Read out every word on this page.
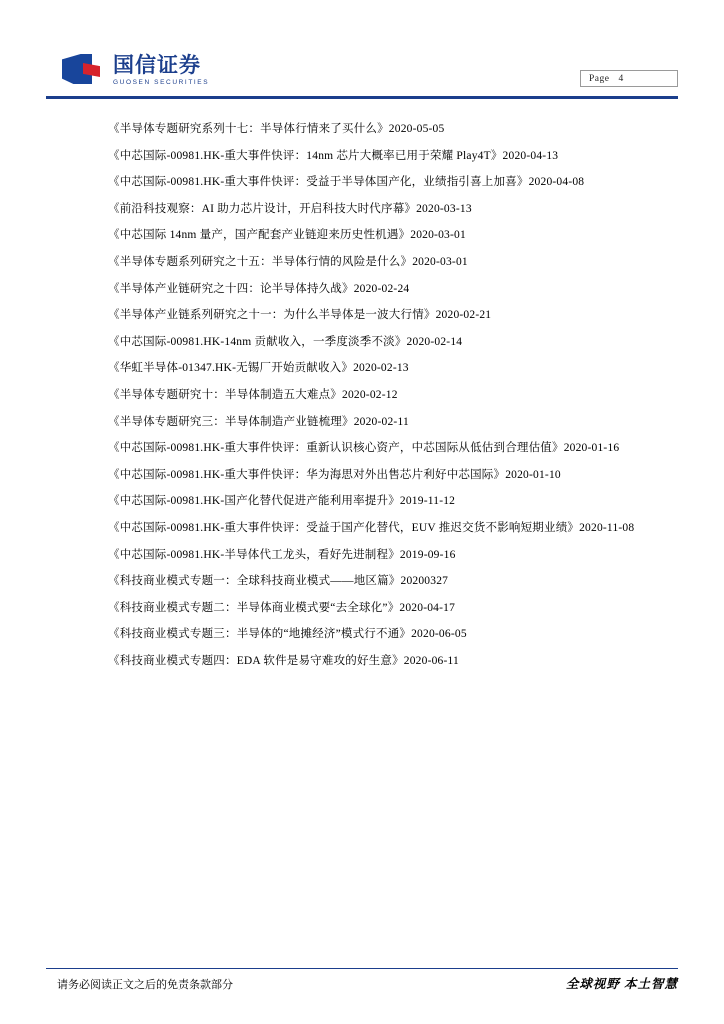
国信证券
GUOSEN SECURITIES	Page 4
《半导体专题研究系列十七：半导体行情来了买什么》2020-05-05
《中芯国际-00981.HK-重大事件快评：14nm 芯片大概率已用于荣耀 Play4T》2020-04-13
《中芯国际-00981.HK-重大事件快评：受益于半导体国产化，业绩指引喜上加喜》2020-04-08
《前沿科技观察：AI 助力芯片设计，开启科技大时代序幕》2020-03-13
《中芯国际 14nm 量产，国产配套产业链迎来历史性机遇》2020-03-01
《半导体专题系列研究之十五：半导体行情的风险是什么》2020-03-01
《半导体产业链研究之十四：论半导体持久战》2020-02-24
《半导体产业链系列研究之十一：为什么半导体是一波大行情》2020-02-21
《中芯国际-00981.HK-14nm 贡献收入，一季度淡季不淡》2020-02-14
《华虹半导体-01347.HK-无锡厂开始贡献收入》2020-02-13
《半导体专题研究十：半导体制造五大难点》2020-02-12
《半导体专题研究三：半导体制造产业链梳理》2020-02-11
《中芯国际-00981.HK-重大事件快评：重新认识核心资产，中芯国际从低估到合理估值》2020-01-16
《中芯国际-00981.HK-重大事件快评：华为海思对外出售芯片利好中芯国际》2020-01-10
《中芯国际-00981.HK-国产化替代促进产能利用率提升》2019-11-12
《中芯国际-00981.HK-重大事件快评：受益于国产化替代，EUV 推迟交货不影响短期业绩》2020-11-08
《中芯国际-00981.HK-半导体代工龙头，看好先进制程》2019-09-16
《科技商业模式专题一：全球科技商业模式——地区篇》20200327
《科技商业模式专题二：半导体商业模式要“去全球化”》2020-04-17
《科技商业模式专题三：半导体的“地摊经济”模式行不通》2020-06-05
《科技商业模式专题四：EDA 软件是易守难攻的好生意》2020-06-11
请务必阅读正文之后的免责条款部分	全球视野 本土智慧
